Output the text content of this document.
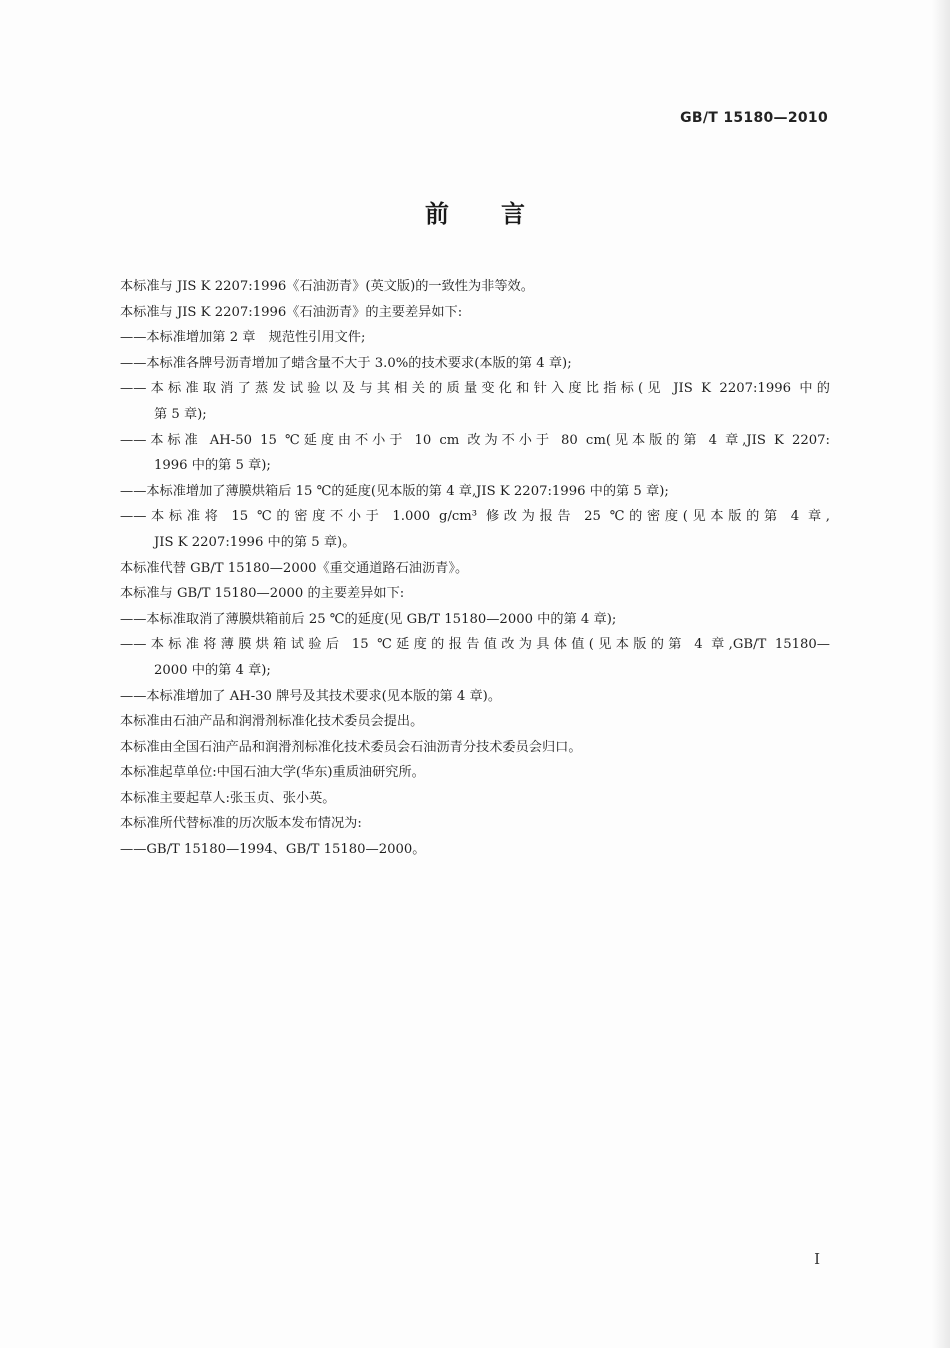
GB/T 15180—2010
前言
本标准与 JIS K 2207:1996《石油沥青》(英文版)的一致性为非等效。
本标准与 JIS K 2207:1996《石油沥青》的主要差异如下:
——本标准增加第 2 章　规范性引用文件;
——本标准各牌号沥青增加了蜡含量不大于 3.0%的技术要求(本版的第 4 章);
——本标准取消了蒸发试验以及与其相关的质量变化和针入度比指标(见 JIS K 2207:1996 中的
第 5 章);
——本标准 AH-50 15 ℃延度由不小于 10 cm 改为不小于 80 cm(见本版的第 4 章,JIS K 2207:
1996 中的第 5 章);
——本标准增加了薄膜烘箱后 15 ℃的延度(见本版的第 4 章,JIS K 2207:1996 中的第 5 章);
——本标准将 15 ℃的密度不小于 1.000 g/cm³ 修改为报告 25 ℃的密度(见本版的第 4 章,
JIS K 2207:1996 中的第 5 章)。
本标准代替 GB/T 15180—2000《重交通道路石油沥青》。
本标准与 GB/T 15180—2000 的主要差异如下:
——本标准取消了薄膜烘箱前后 25 ℃的延度(见 GB/T 15180—2000 中的第 4 章);
——本标准将薄膜烘箱试验后 15 ℃延度的报告值改为具体值(见本版的第 4 章,GB/T 15180—
2000 中的第 4 章);
——本标准增加了 AH-30 牌号及其技术要求(见本版的第 4 章)。
本标准由石油产品和润滑剂标准化技术委员会提出。
本标准由全国石油产品和润滑剂标准化技术委员会石油沥青分技术委员会归口。
本标准起草单位:中国石油大学(华东)重质油研究所。
本标准主要起草人:张玉贞、张小英。
本标准所代替标准的历次版本发布情况为:
——GB/T 15180—1994、GB/T 15180—2000。
I
